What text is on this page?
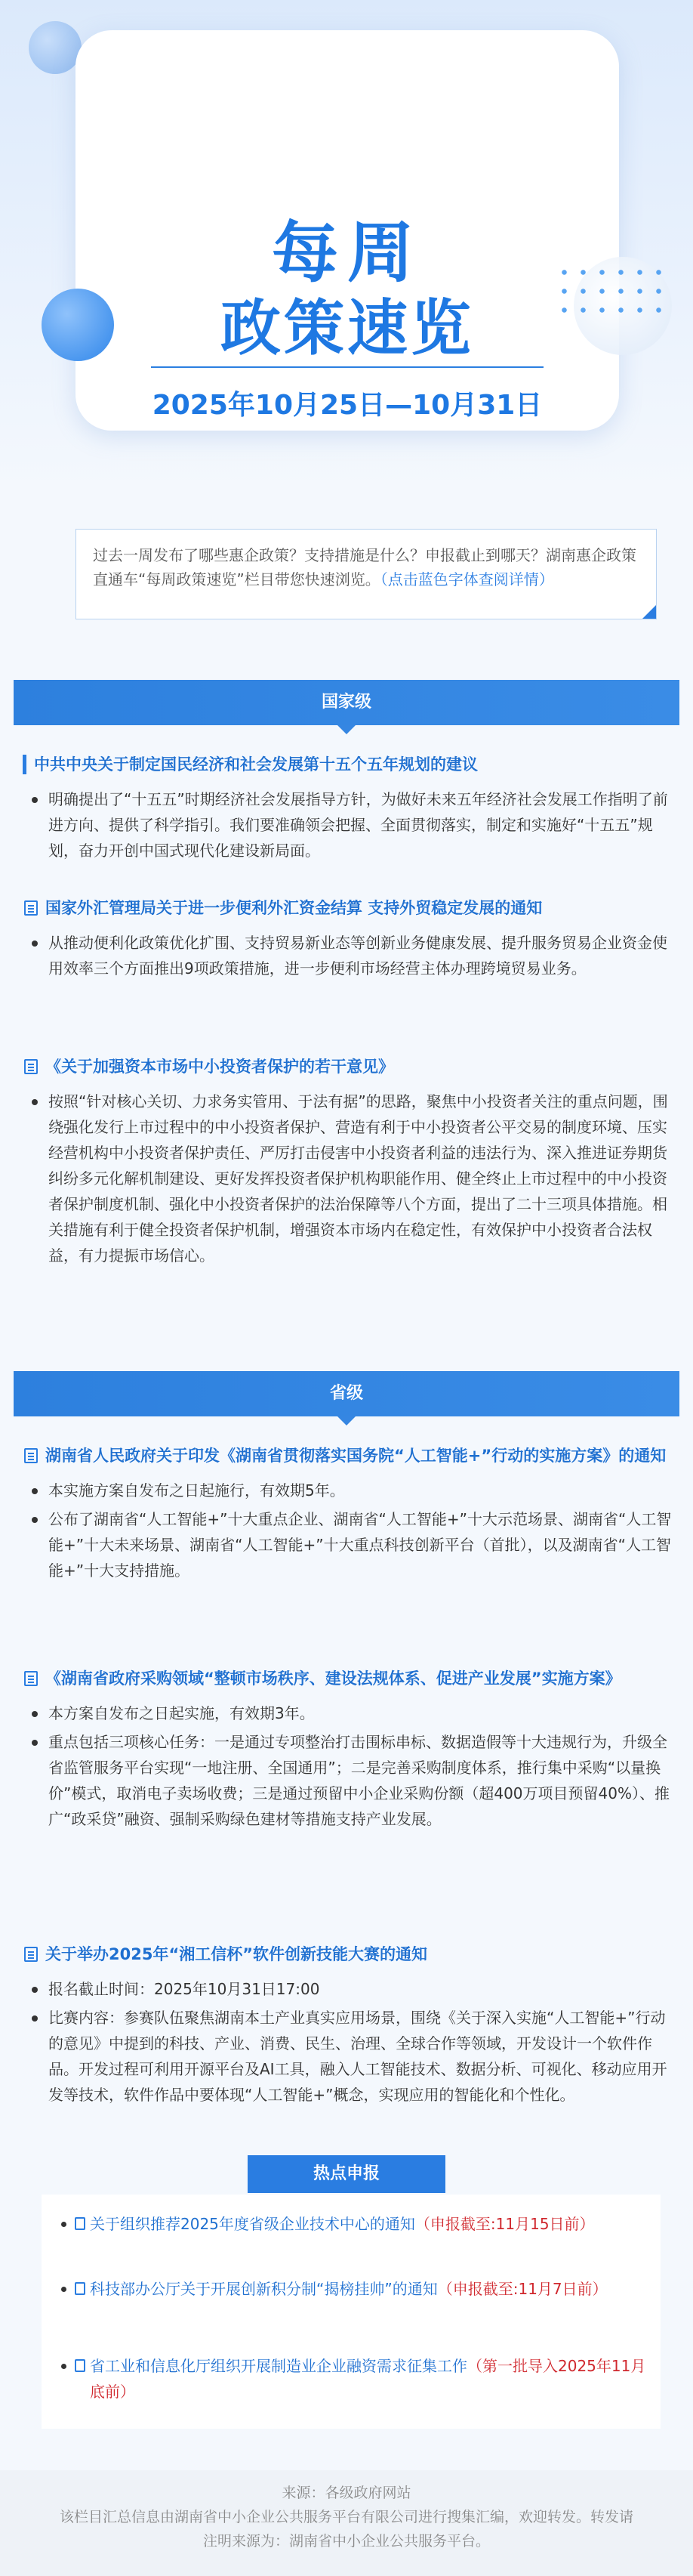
每周
政策速览
2025年10月25日—10月31日
过去一周发布了哪些惠企政策？支持措施是什么？申报截止到哪天？湖南惠企政策直通车“每周政策速览”栏目带您快速浏览。（点击蓝色字体查阅详情）
国家级
中共中央关于制定国民经济和社会发展第十五个五年规划的建议
明确提出了“十五五”时期经济社会发展指导方针，为做好未来五年经济社会发展工作指明了前进方向、提供了科学指引。我们要准确领会把握、全面贯彻落实，制定和实施好“十五五”规划，奋力开创中国式现代化建设新局面。
国家外汇管理局关于进一步便利外汇资金结算 支持外贸稳定发展的通知
从推动便利化政策优化扩围、支持贸易新业态等创新业务健康发展、提升服务贸易企业资金使用效率三个方面推出9项政策措施，进一步便利市场经营主体办理跨境贸易业务。
《关于加强资本市场中小投资者保护的若干意见》
按照“针对核心关切、力求务实管用、于法有据”的思路，聚焦中小投资者关注的重点问题，围绕强化发行上市过程中的中小投资者保护、营造有利于中小投资者公平交易的制度环境、压实经营机构中小投资者保护责任、严厉打击侵害中小投资者利益的违法行为、深入推进证券期货纠纷多元化解机制建设、更好发挥投资者保护机构职能作用、健全终止上市过程中的中小投资者保护制度机制、强化中小投资者保护的法治保障等八个方面，提出了二十三项具体措施。相关措施有利于健全投资者保护机制，增强资本市场内在稳定性，有效保护中小投资者合法权益，有力提振市场信心。
省级
湖南省人民政府关于印发《湖南省贯彻落实国务院“人工智能+”行动的实施方案》的通知
本实施方案自发布之日起施行，有效期5年。
公布了湖南省“人工智能+”十大重点企业、湖南省“人工智能+”十大示范场景、湖南省“人工智能+”十大未来场景、湖南省“人工智能+”十大重点科技创新平台（首批），以及湖南省“人工智能+”十大支持措施。
《湖南省政府采购领域“整顿市场秩序、建设法规体系、促进产业发展”实施方案》
本方案自发布之日起实施，有效期3年。
重点包括三项核心任务：一是通过专项整治打击围标串标、数据造假等十大违规行为，升级全省监管服务平台实现“一地注册、全国通用”；二是完善采购制度体系，推行集中采购“以量换价”模式，取消电子卖场收费；三是通过预留中小企业采购份额（超400万项目预留40%）、推广“政采贷”融资、强制采购绿色建材等措施支持产业发展。
关于举办2025年“湘工信杯”软件创新技能大赛的通知
报名截止时间：2025年10月31日17:00
比赛内容：参赛队伍聚焦湖南本土产业真实应用场景，围绕《关于深入实施“人工智能+”行动的意见》中提到的科技、产业、消费、民生、治理、全球合作等领域，开发设计一个软件作品。开发过程可利用开源平台及AI工具，融入人工智能技术、数据分析、可视化、移动应用开发等技术，软件作品中要体现“人工智能+”概念，实现应用的智能化和个性化。
热点申报
关于组织推荐2025年度省级企业技术中心的通知（申报截至:11月15日前）
科技部办公厅关于开展创新积分制“揭榜挂帅”的通知（申报截至:11月7日前）
省工业和信息化厅组织开展制造业企业融资需求征集工作（第一批导入2025年11月底前）
来源：各级政府网站
该栏目汇总信息由湖南省中小企业公共服务平台有限公司进行搜集汇编，欢迎转发。转发请
注明来源为：湖南省中小企业公共服务平台。
